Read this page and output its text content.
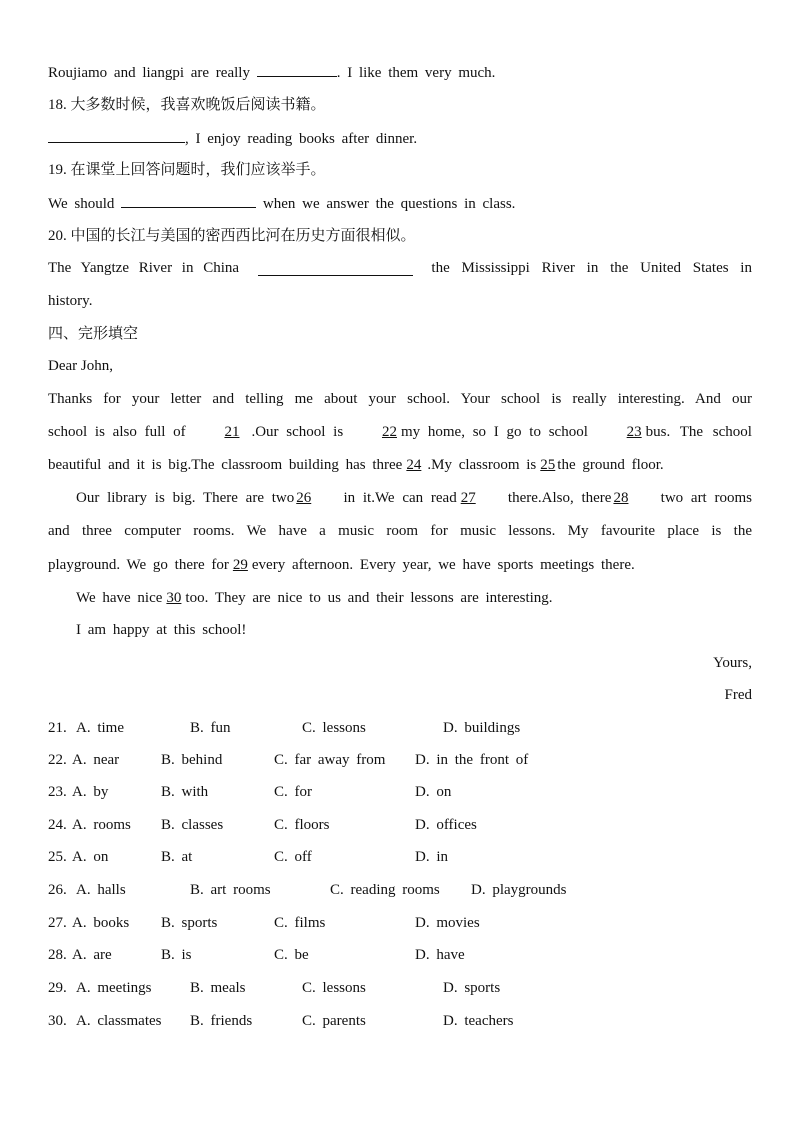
Roujiamo and liangpi are really	. I like them very much.
18. 大多数时候，我喜欢晚饭后阅读书籍。
, I enjoy reading books after dinner.
19. 在课堂上回答问题时，我们应该举手。
We should	when we answer the questions in class.
20. 中国的长江与美国的密西西比河在历史方面很相似。
The Yangtze River in China	the Mississippi River in the United States in
history.
四、完形填空
Dear John,
Thanks for your letter and telling me about your school. Your school is really interesting. And our
school is also full of	21 .Our school is	22 my home, so I go to school	23 bus. The school
beautiful and it is big.The classroom building has three 24 .My classroom is 25 the ground floor.
Our library is big. There are two 26 in it.We can read 27 there.Also, there 28 two art rooms
and three computer rooms. We have a music room for music lessons. My favourite place is the
playground. We go there for 29 every afternoon. Every year, we have sports meetings there.
We have nice 30 too. They are nice to us and their lessons are interesting.
I am happy at this school!
Yours,
Fred
21. A. time	B. fun	C. lessons	D. buildings
22. A. near	B. behind	C. far away from D. in the front of
23. A. by	B. with	C. for	D. on
24. A. rooms B. classes	C. floors	D. offices
25. A. on	B. at	C. off	D. in
26. A. halls	B. art rooms	C. reading rooms D. playgrounds
27. A. books B. sports	C. films	D. movies
28. A. are	B. is	C. be	D. have
29. A. meetings	B. meals	C. lessons	D. sports
30. A. classmates B. friends	C. parents	D. teachers
